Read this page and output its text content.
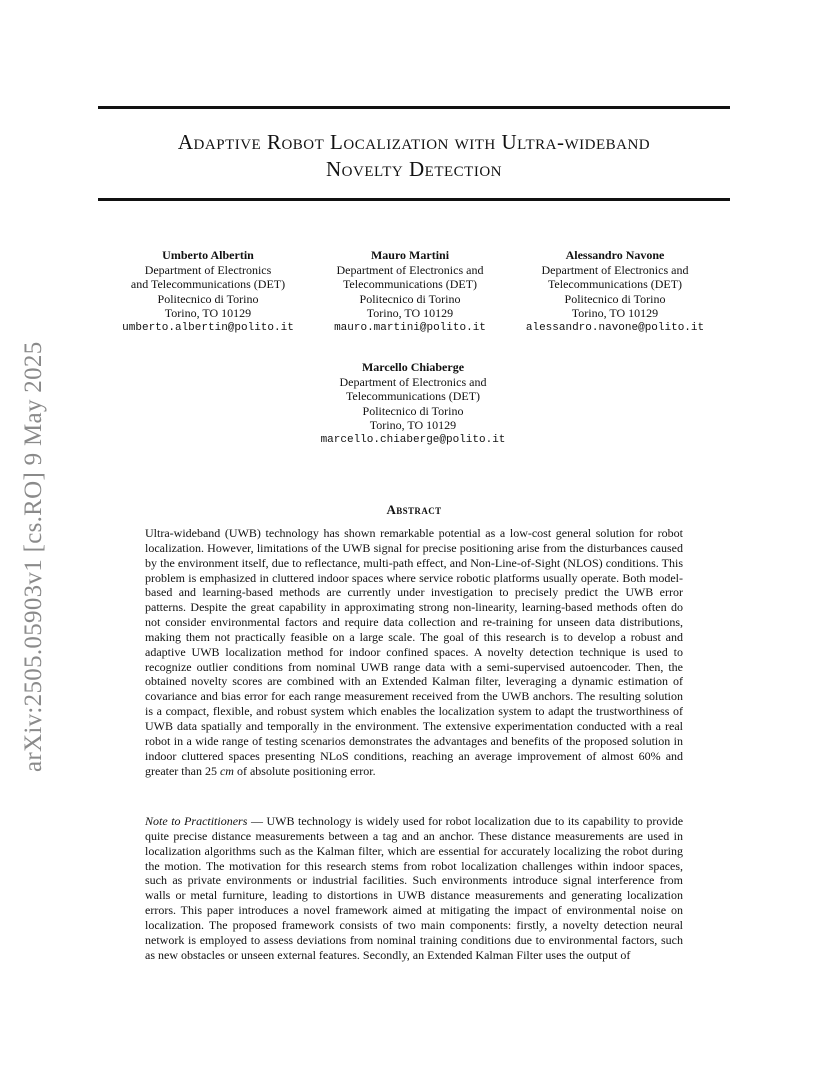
Adaptive Robot Localization with Ultra-wideband
Novelty Detection
arXiv:2505.05903v1 [cs.RO] 9 May 2025
Umberto Albertin
Department of Electronics
and Telecommunications (DET)
Politecnico di Torino
Torino, TO 10129
umberto.albertin@polito.it
Mauro Martini
Department of Electronics and
Telecommunications (DET)
Politecnico di Torino
Torino, TO 10129
mauro.martini@polito.it
Alessandro Navone
Department of Electronics and
Telecommunications (DET)
Politecnico di Torino
Torino, TO 10129
alessandro.navone@polito.it
Marcello Chiaberge
Department of Electronics and
Telecommunications (DET)
Politecnico di Torino
Torino, TO 10129
marcello.chiaberge@polito.it
Abstract
Ultra-wideband (UWB) technology has shown remarkable potential as a low-cost general solution for robot localization. However, limitations of the UWB signal for precise positioning arise from the disturbances caused by the environment itself, due to reflectance, multi-path effect, and Non-Line-of-Sight (NLOS) conditions. This problem is emphasized in cluttered indoor spaces where service robotic platforms usually operate. Both model-based and learning-based methods are currently under investigation to precisely predict the UWB error patterns. Despite the great capability in approximating strong non-linearity, learning-based methods often do not consider environmental factors and require data collection and re-training for unseen data distributions, making them not practically feasible on a large scale. The goal of this research is to develop a robust and adaptive UWB localization method for indoor confined spaces. A novelty detection technique is used to recognize outlier conditions from nominal UWB range data with a semi-supervised autoencoder. Then, the obtained novelty scores are combined with an Extended Kalman filter, leveraging a dynamic estimation of covariance and bias error for each range measurement received from the UWB anchors. The resulting solution is a compact, flexible, and robust system which enables the localization system to adapt the trustworthiness of UWB data spatially and temporally in the environment. The extensive experimentation conducted with a real robot in a wide range of testing scenarios demonstrates the advantages and benefits of the proposed solution in indoor cluttered spaces presenting NLoS conditions, reaching an average improvement of almost 60% and greater than 25 cm of absolute positioning error.
Note to Practitioners — UWB technology is widely used for robot localization due to its capability to provide quite precise distance measurements between a tag and an anchor. These distance measurements are used in localization algorithms such as the Kalman filter, which are essential for accurately localizing the robot during the motion. The motivation for this research stems from robot localization challenges within indoor spaces, such as private environments or industrial facilities. Such environments introduce signal interference from walls or metal furniture, leading to distortions in UWB distance measurements and generating localization errors. This paper introduces a novel framework aimed at mitigating the impact of environmental noise on localization. The proposed framework consists of two main components: firstly, a novelty detection neural network is employed to assess deviations from nominal training conditions due to environmental factors, such as new obstacles or unseen external features. Secondly, an Extended Kalman Filter uses the output of
